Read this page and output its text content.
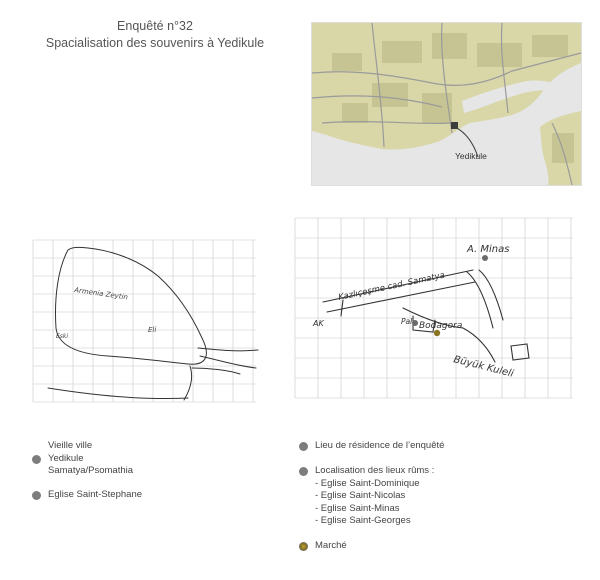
Enquêté n°32
Spacialisation des souvenirs à Yedikule
Yedikule
Armenia Zeytin
Eski
Eli
A. Minas
Kazlıçeşme cad. Samatya
AK	Pal Bodagora
Büyük Kuleli
Vieille ville
Yedikule
Samatya/Psomathia
Eglise Saint-Stephane
Lieu de résidence de l’enquêté
Localisation des lieux rûms :
- Eglise Saint-Dominique
- Eglise Saint-Nicolas
- Eglise Saint-Minas
- Eglise Saint-Georges
Marché
